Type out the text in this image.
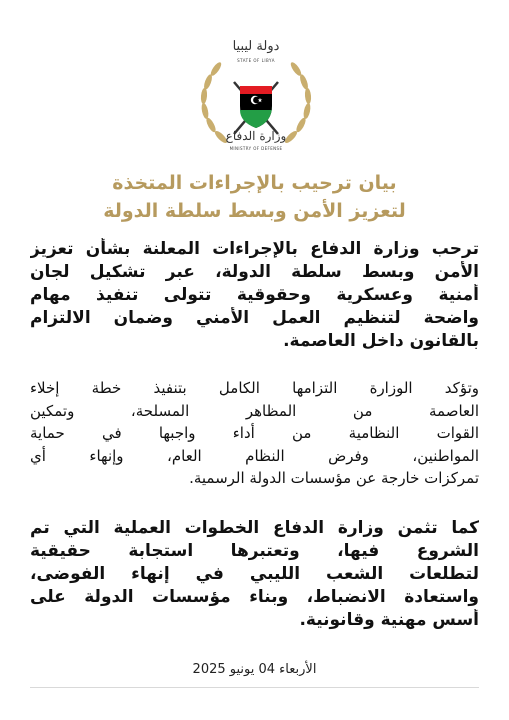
دولة ليبيا
STATE OF LIBYA
وزارة الدفاع
MINISTRY OF DEFENSE
بيان ترحيب بالإجراءات المتخذة
لتعزيز الأمن وبسط سلطة الدولة
ترحب وزارة الدفاع بالإجراءات المعلنة بشأن تعزيز
الأمن وبسط سلطة الدولة، عبر تشكيل لجان
أمنية وعسكرية وحقوقية تتولى تنفيذ مهام
واضحة لتنظيم العمل الأمني وضمان الالتزام
بالقانون داخل العاصمة.
وتؤكد الوزارة التزامها الكامل بتنفيذ خطة إخلاء
العاصمة من المظاهر المسلحة، وتمكين
القوات النظامية من أداء واجبها في حماية
المواطنين، وفرض النظام العام، وإنهاء أي
تمركزات خارجة عن مؤسسات الدولة الرسمية.
كما تثمن وزارة الدفاع الخطوات العملية التي تم
الشروع فيها، وتعتبرها استجابة حقيقية
لتطلعات الشعب الليبي في إنهاء الفوضى،
واستعادة الانضباط، وبناء مؤسسات الدولة على
أسس مهنية وقانونية.
الأربعاء 04 يونيو 2025
